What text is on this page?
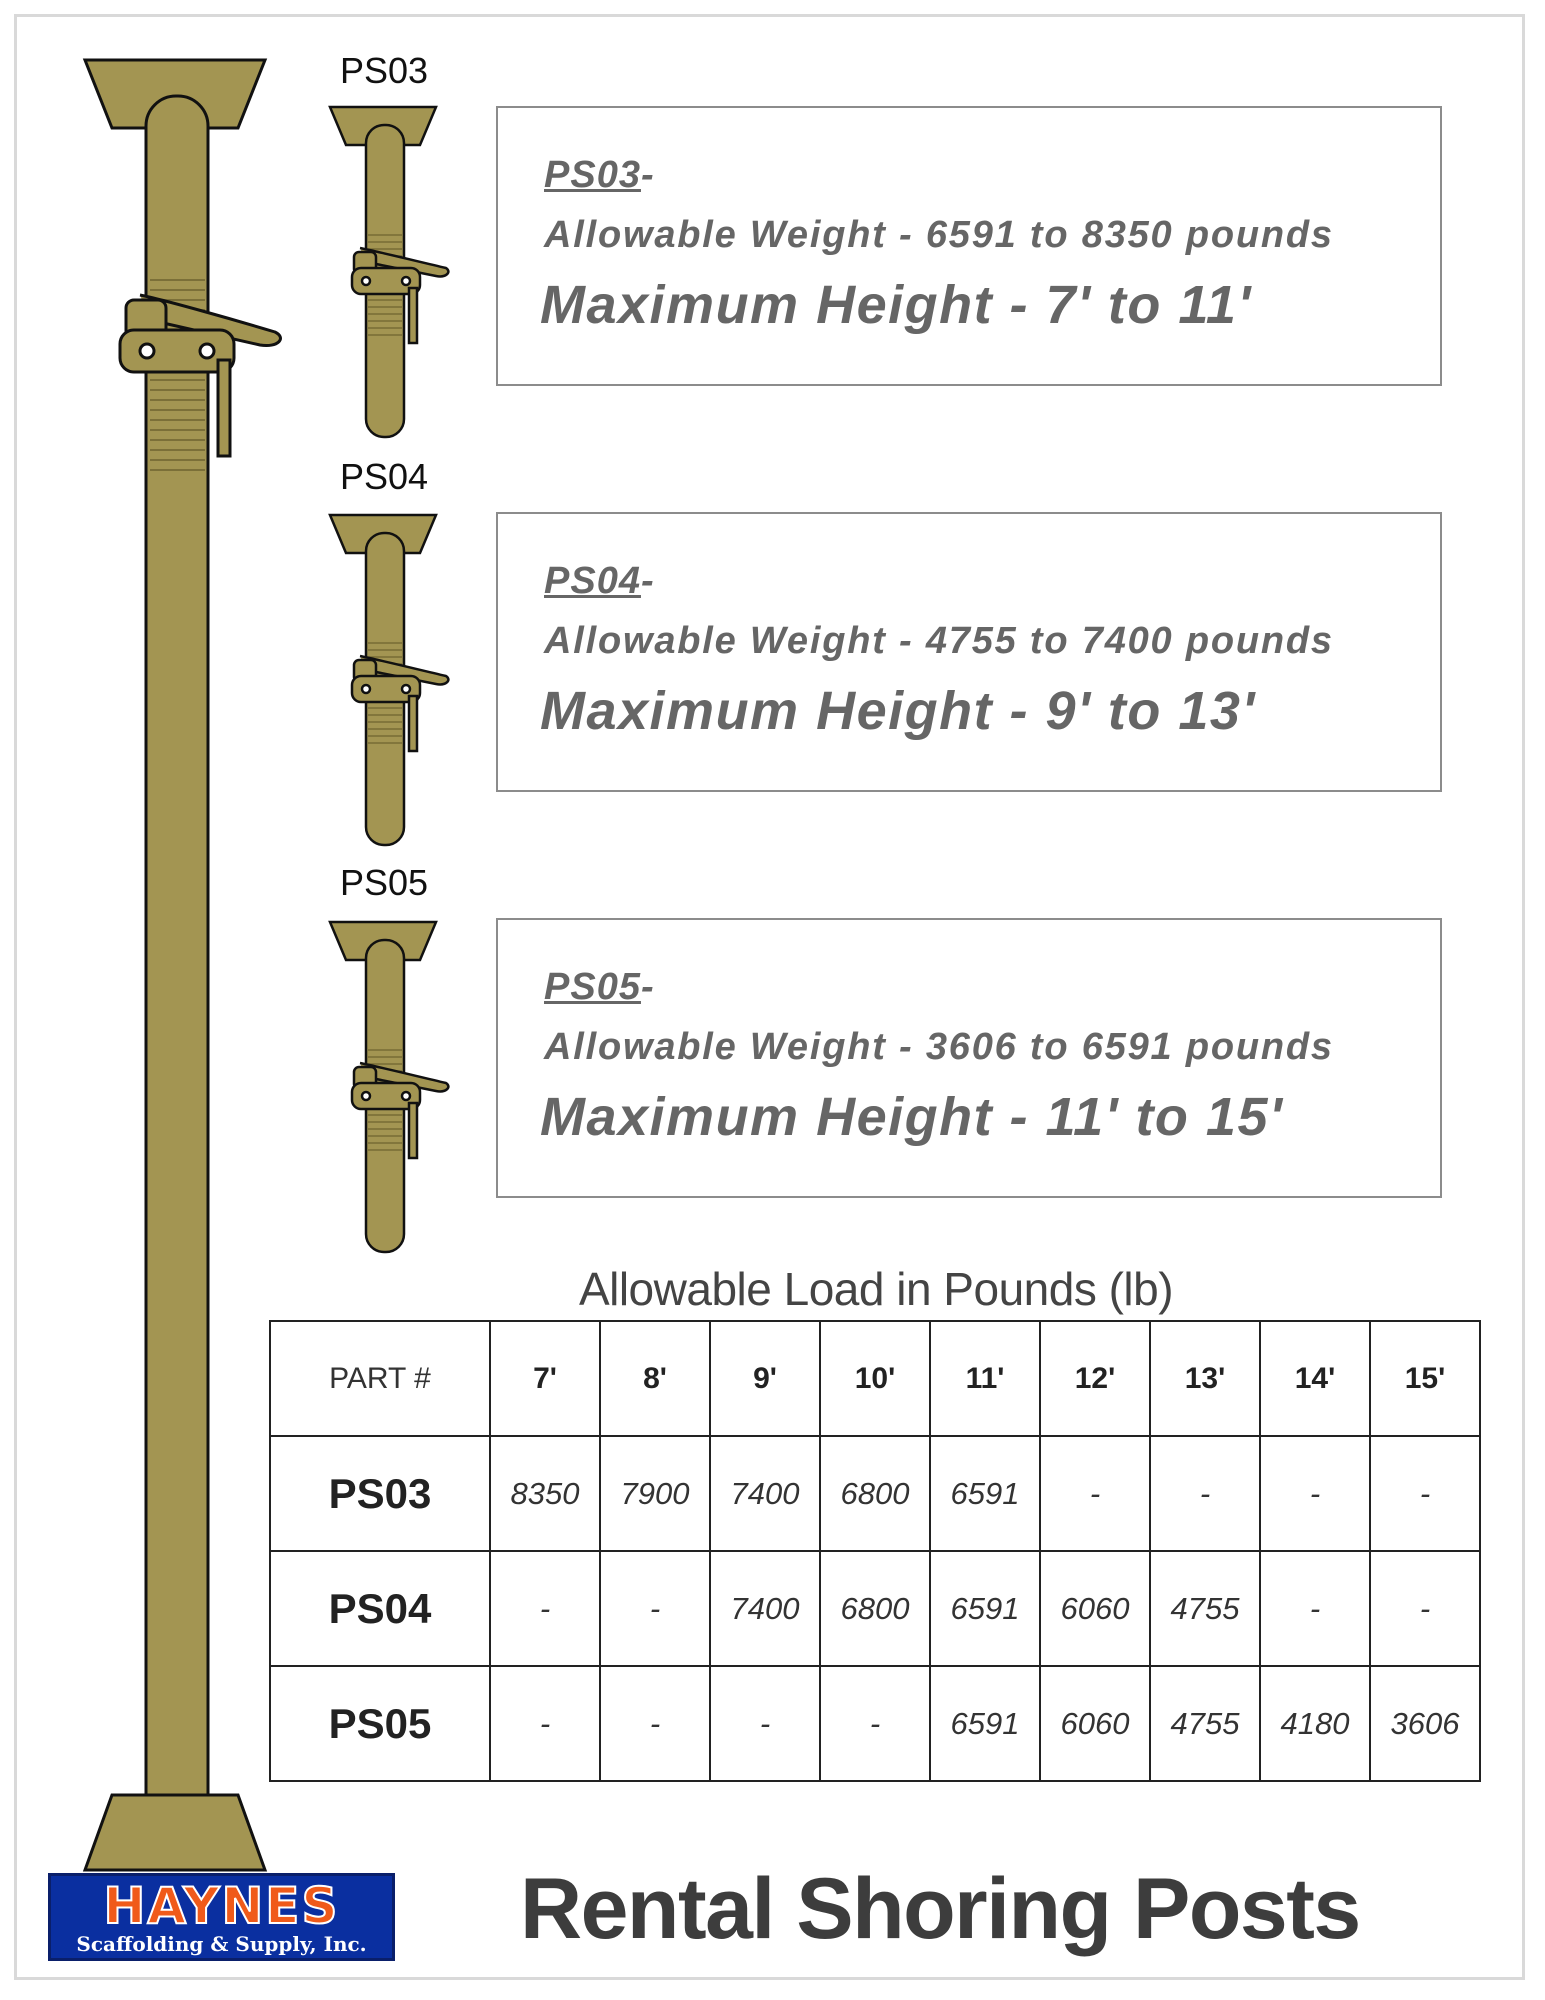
PS03
PS04
PS05
PS03-
Allowable Weight - 6591 to 8350 pounds
Maximum Height - 7' to 11'
PS04-
Allowable Weight - 4755 to 7400 pounds
Maximum Height - 9' to 13'
PS05-
Allowable Weight - 3606 to 6591 pounds
Maximum Height - 11' to 15'
Allowable Load in Pounds (lb)
PART #	7'	8'	9'	10'	11'	12'	13'	14'	15'
PS03	8350	7900	7400	6800	6591	-	-	-	-
PS04	-	-	7400	6800	6591	6060	4755	-	-
PS05	-	-	-	-	6591	6060	4755	4180	3606
HAYNES
Scaffolding & Supply, Inc. Rental Shoring Posts
